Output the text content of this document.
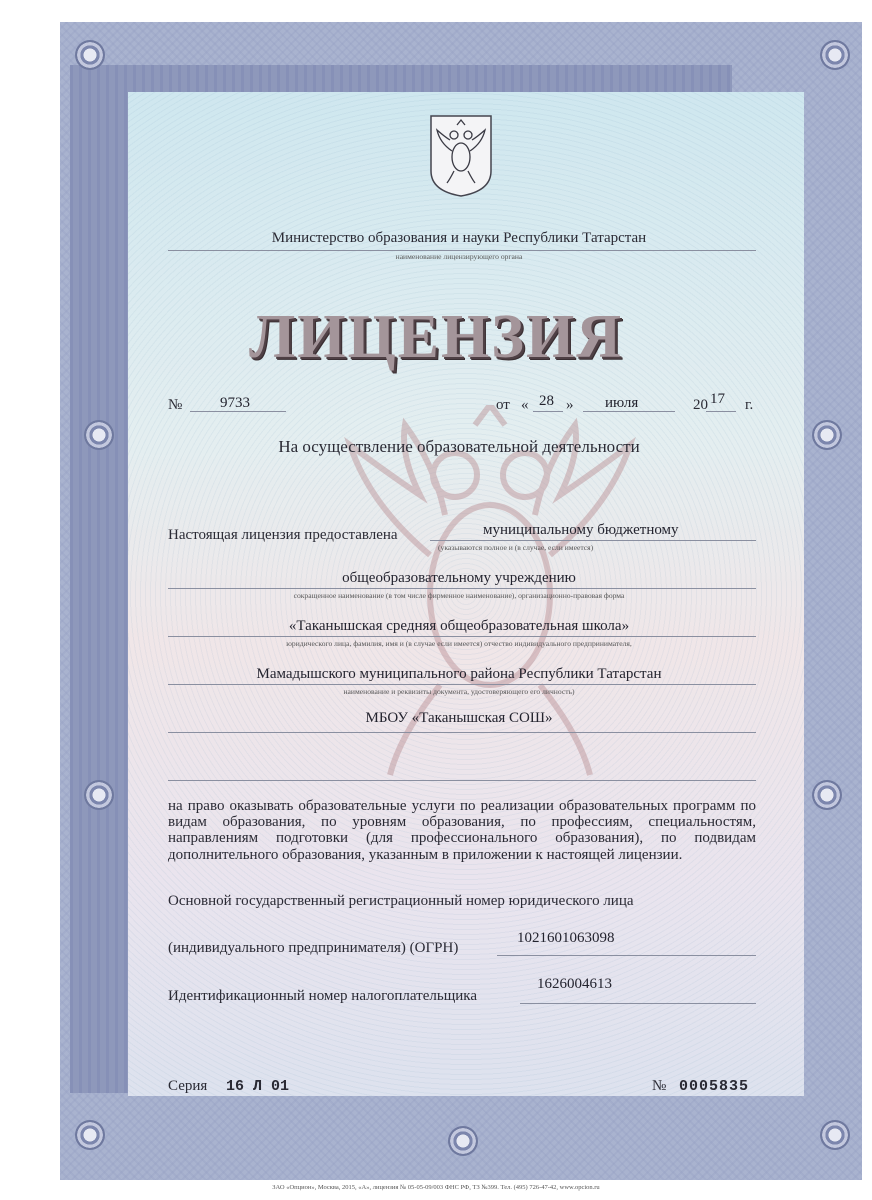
Министерство образования и науки Республики Татарстан
наименование лицензирующего органа
ЛИЦЕНЗИЯ
№	9733	от « 28 » июля	20 17 г.
На осуществление образовательной деятельности
Настоящая лицензия предоставлена	муниципальному бюджетному
(указываются полное и (в случае, если имеется)
общеобразовательному учреждению
сокращенное наименование (в том числе фирменное наименование), организационно-правовая форма
«Таканышская средняя общеобразовательная школа»
юридического лица, фамилия, имя и (в случае если имеется) отчество индивидуального предпринимателя,
Мамадышского муниципального района Республики Татарстан
наименование и реквизиты документа, удостоверяющего его личность)
МБОУ «Таканышская СОШ»
на право оказывать образовательные услуги по реализации образовательных программ по видам образования, по уровням образования, по профессиям, специальностям, направлениям подготовки (для профессионального образования), по подвидам дополнительного образования, указанным в приложении к настоящей лицензии.
Основной государственный регистрационный номер юридического лица
(индивидуального предпринимателя) (ОГРН)
1021601063098
Идентификационный номер налогоплательщика
1626004613
Серия 16 Л 01	№ 0005835
ЗАО «Опцион», Москва, 2015, «А», лицензия № 05-05-09/003 ФНС РФ, ТЗ №399. Тел. (495) 726-47-42, www.opcion.ru
